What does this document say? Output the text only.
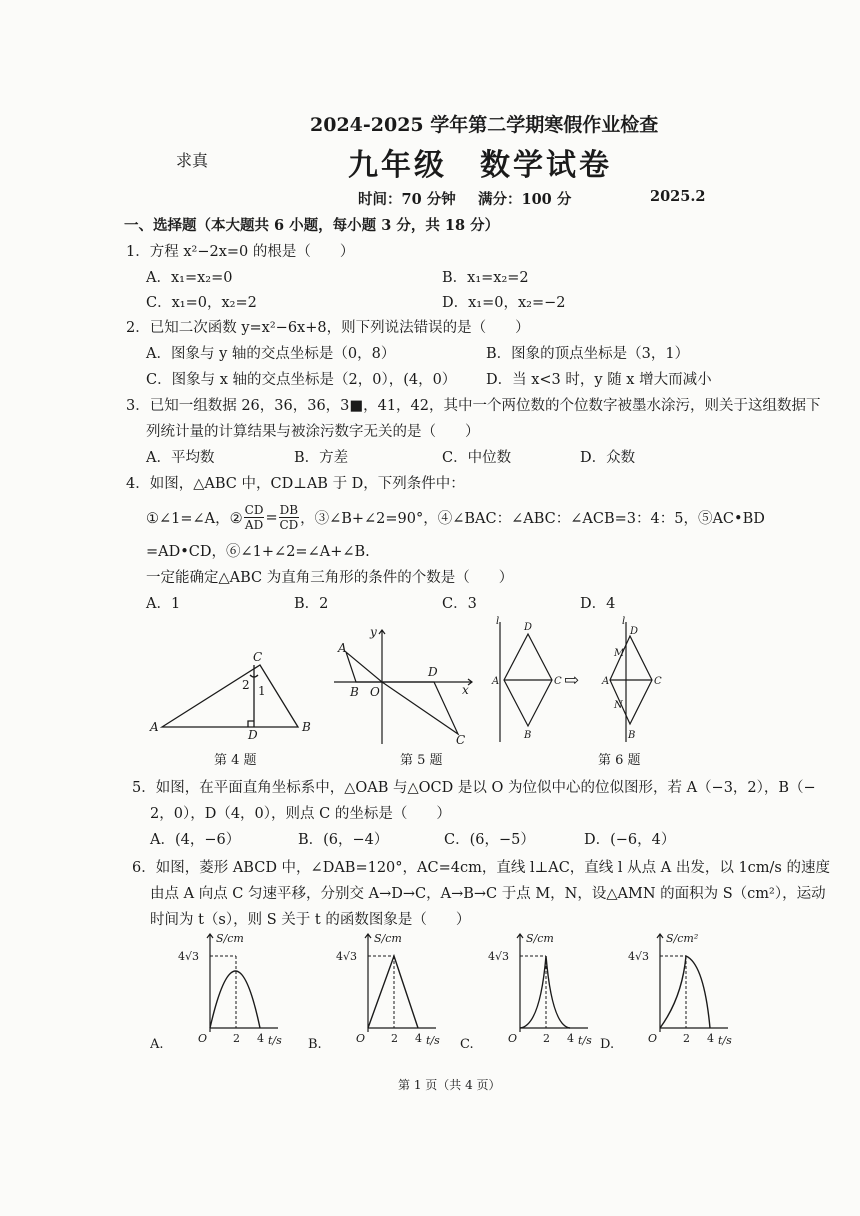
2024-2025 学年第二学期寒假作业检查
求真	九年级　数学试卷
时间：70 分钟 满分：100 分	2025.2
一、选择题（本大题共 6 小题，每小题 3 分，共 18 分）
1．方程 x²−2x=0 的根是（　　）
A．x₁=x₂=0	B．x₁=x₂=2
C．x₁=0，x₂=2	D．x₁=0，x₂=−2
2．已知二次函数 y=x²−6x+8，则下列说法错误的是（　　）
A．图象与 y 轴的交点坐标是（0，8）	B．图象的顶点坐标是（3，1）
C．图象与 x 轴的交点坐标是（2，0），(4，0） D．当 x<3 时，y 随 x 增大而减小
3．已知一组数据 26，36，36，3■，41，42，其中一个两位数的个位数字被墨水涂污，则关于这组数据下
列统计量的计算结果与被涂污数字无关的是（　　）
A．平均数	B．方差	C．中位数	D．众数
4．如图，△ABC 中，CD⊥AB 于 D，下列条件中：
①∠1=∠A，② $\frac{CD}{AD} = \frac{DB}{CD}$ ，③∠B+∠2=90°，④∠BAC：∠ABC：∠ACB=3：4：5，⑤AC•BD
=AD•CD，⑥∠1+∠2=∠A+∠B.
一定能确定△ABC 为直角三角形的条件的个数是（　　）
A．1	B．2	C．3	D．4
A	B
C
D
2 1
第 4 题
A
B O
D
C
x
y
第 5 题
l
D
A	C
B
l
D
A	C
B
M
N
⇨
第 6 题
5．如图，在平面直角坐标系中，△OAB 与△OCD 是以 O 为位似中心的位似图形，若 A（−3，2），B（−
2，0），D（4，0），则点 C 的坐标是（　　）
A．(4，−6）	B．(6，−4）	C．(6，−5）	D．(−6，4）
6．如图，菱形 ABCD 中，∠DAB=120°，AC=4cm，直线 l⊥AC，直线 l 从点 A 出发，以 1cm/s 的速度
由点 A 向点 C 匀速平移，分别交 A→D→C，A→B→C 于点 M，N，设△AMN 的面积为 S（cm²），运动
时间为 t（s），则 S 关于 t 的函数图象是（　　）
A.
4√3
S/cm
O 2 4 t/s B.
4√3
S/cm
O 2 4 t/s C.
4√3
S/cm
O 2 4 t/s D.
4√3
S/cm²
O 2 4 t/s
第 1 页（共 4 页）
